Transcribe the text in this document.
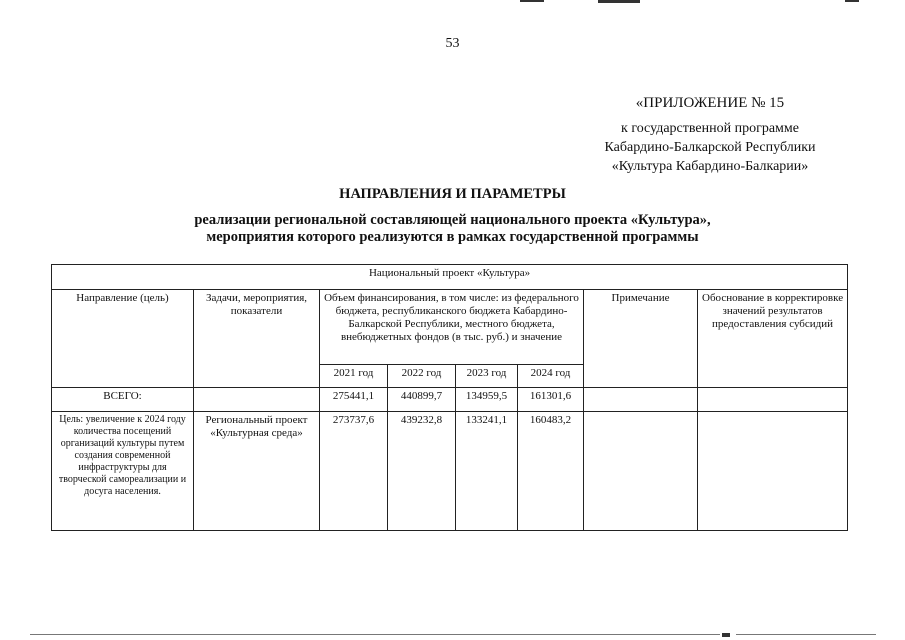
53
«ПРИЛОЖЕНИЕ № 15
к государственной программе
Кабардино-Балкарской Республики
«Культура Кабардино-Балкарии»
НАПРАВЛЕНИЯ И ПАРАМЕТРЫ
реализации региональной составляющей национального проекта «Культура»,
мероприятия которого реализуются в рамках государственной программы
Национальный проект «Культура»							
Направление (цель)	Задачи, мероприятия, показатели	Объем финансирования, в том числе: из федерального бюджета, республиканского бюджета Кабардино-Балкарской Республики, местного бюджета, внебюджетных фондов (в тыс. руб.) и значение				Примечание	Обоснование в корректировке значений результатов предоставления субсидий
		2021 год	2022 год	2023 год	2024 год		
ВСЕГО:		275441,1	440899,7	134959,5	161301,6		
Цель: увеличение к 2024 году количества посещений организаций культуры путем создания современной инфраструктуры для творческой самореализации и досуга населения.	Региональный проект «Культурная среда»	273737,6	439232,8	133241,1	160483,2		
